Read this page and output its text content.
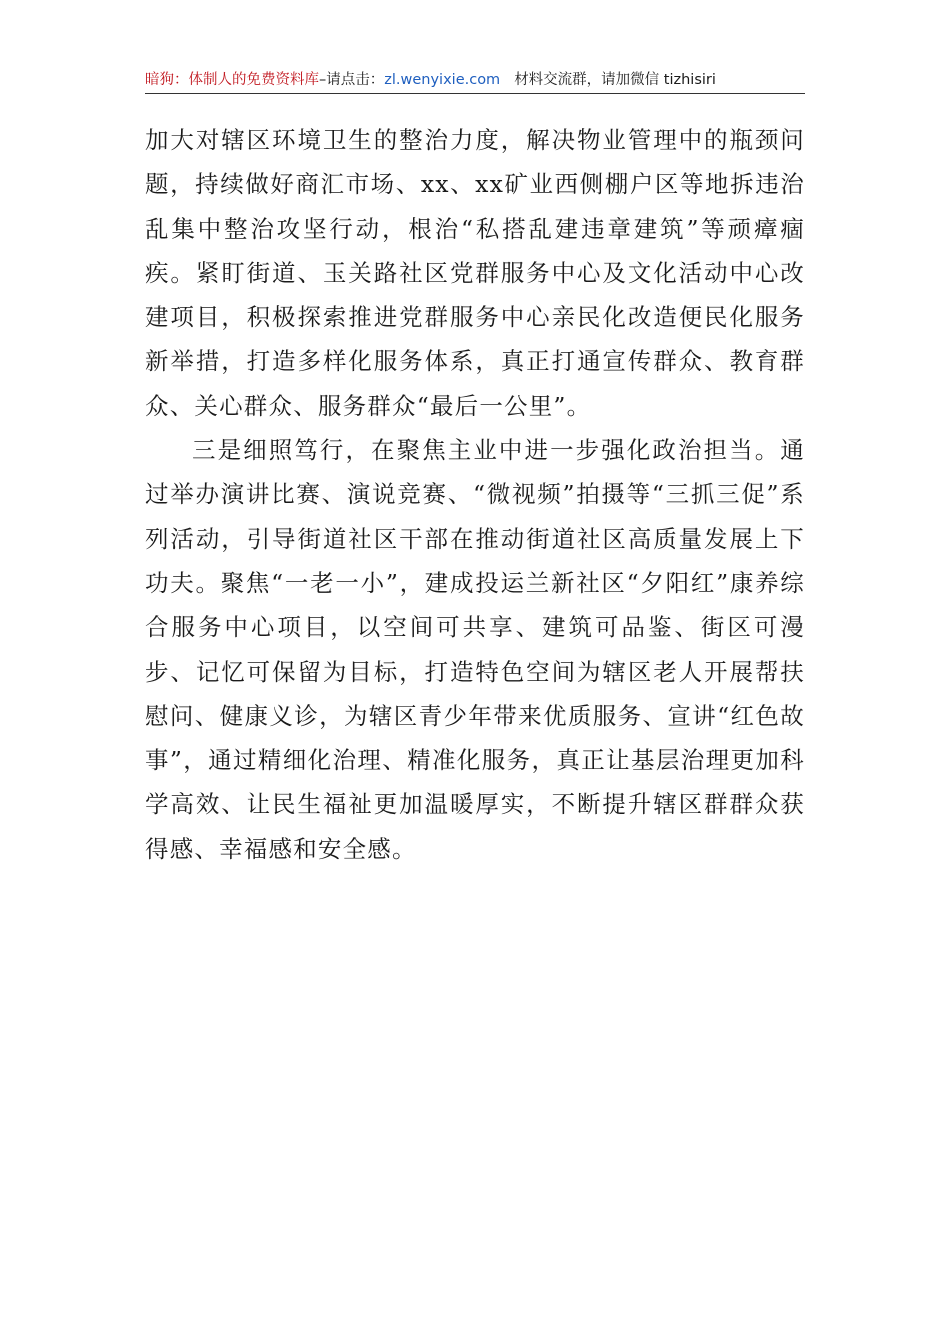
暗狗：体制人的免费资料库–请点击：zl.wenyixie.com 材料交流群，请加微信 tizhisiri

加大对辖区环境卫生的整治力度，解决物业管理中的瓶颈问题，持续做好商汇市场、xx、xx矿业西侧棚户区等地拆违治乱集中整治攻坚行动，根治“私搭乱建违章建筑”等顽瘴痼疾。紧盯街道、玉关路社区党群服务中心及文化活动中心改建项目，积极探索推进党群服务中心亲民化改造便民化服务新举措，打造多样化服务体系，真正打通宣传群众、教育群众、关心群众、服务群众“最后一公里”。

三是细照笃行，在聚焦主业中进一步强化政治担当。通过举办演讲比赛、演说竞赛、“微视频”拍摄等“三抓三促”系列活动，引导街道社区干部在推动街道社区高质量发展上下功夫。聚焦“一老一小”，建成投运兰新社区“夕阳红”康养综合服务中心项目，以空间可共享、建筑可品鉴、街区可漫步、记忆可保留为目标，打造特色空间为辖区老人开展帮扶慰问、健康义诊，为辖区青少年带来优质服务、宣讲“红色故事”，通过精细化治理、精准化服务，真正让基层治理更加科学高效、让民生福祉更加温暖厚实，不断提升辖区群群众获得感、幸福感和安全感。
